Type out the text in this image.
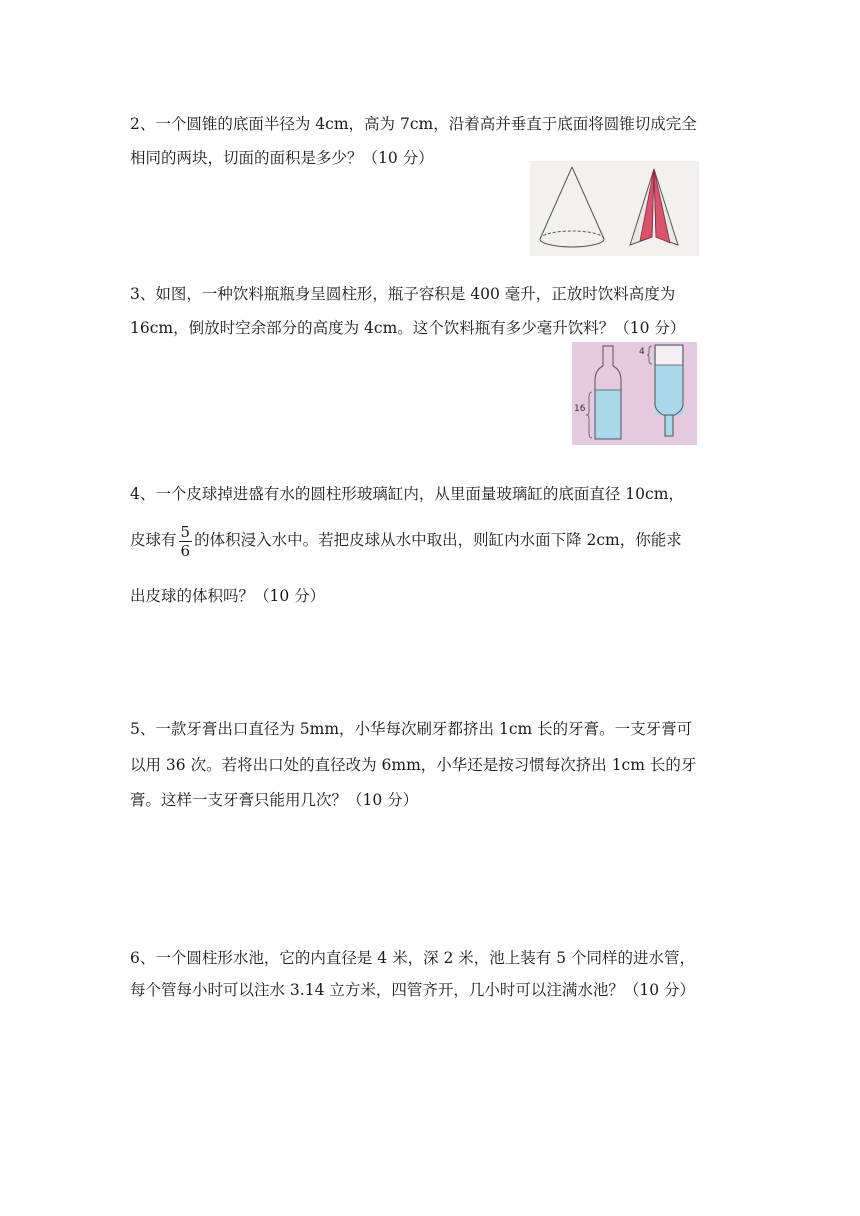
2、一个圆锥的底面半径为 4cm，高为 7cm，沿着高并垂直于底面将圆锥切成完全
相同的两块，切面的面积是多少？（10 分）
3、如图，一种饮料瓶瓶身呈圆柱形，瓶子容积是 400 毫升，正放时饮料高度为
16cm，倒放时空余部分的高度为 4cm。这个饮料瓶有多少毫升饮料？（10 分）
4
16
4、一个皮球掉进盛有水的圆柱形玻璃缸内，从里面量玻璃缸的底面直径 10cm，
皮球有 $\frac{5}{6}$ 的体积浸入水中。若把皮球从水中取出，则缸内水面下降 2cm，你能求
出皮球的体积吗？（10 分）
5、一款牙膏出口直径为 5mm，小华每次刷牙都挤出 1cm 长的牙膏。一支牙膏可
以用 36 次。若将出口处的直径改为 6mm，小华还是按习惯每次挤出 1cm 长的牙
膏。这样一支牙膏只能用几次？（10 分）
6、一个圆柱形水池，它的内直径是 4 米，深 2 米，池上装有 5 个同样的进水管，
每个管每小时可以注水 3.14 立方米，四管齐开，几小时可以注满水池？（10 分）
